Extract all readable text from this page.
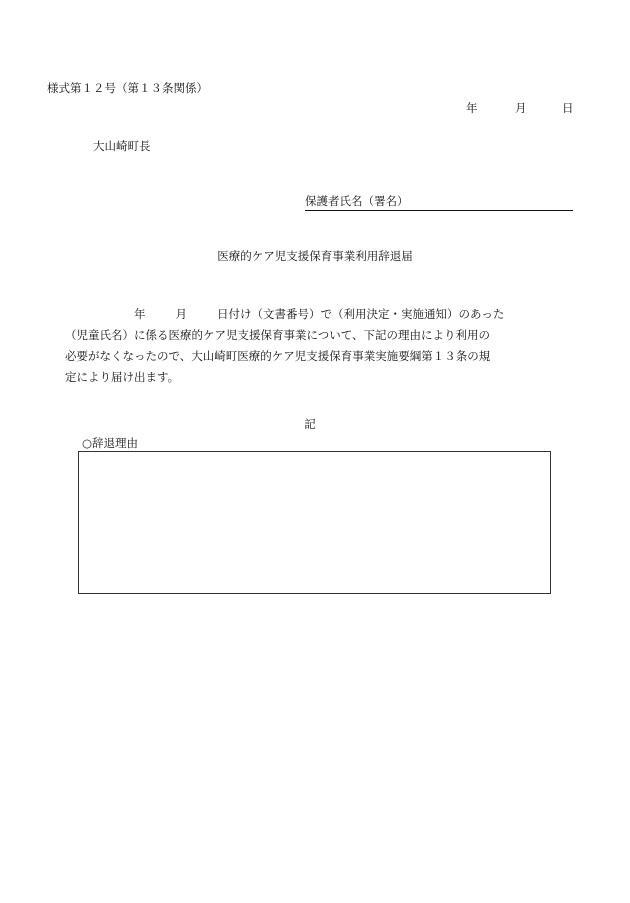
様式第１２号（第１３条関係）
年	月	日
大山崎町長
保護者氏名（署名）
医療的ケア児支援保育事業利用辞退届
年	月	日付け（文書番号）で（利用決定・実施通知）のあった
（児童氏名）に係る医療的ケア児支援保育事業について、下記の理由により利用の
必要がなくなったので、大山崎町医療的ケア児支援保育事業実施要綱第１３条の規
定により届け出ます。
記
○辞退理由
